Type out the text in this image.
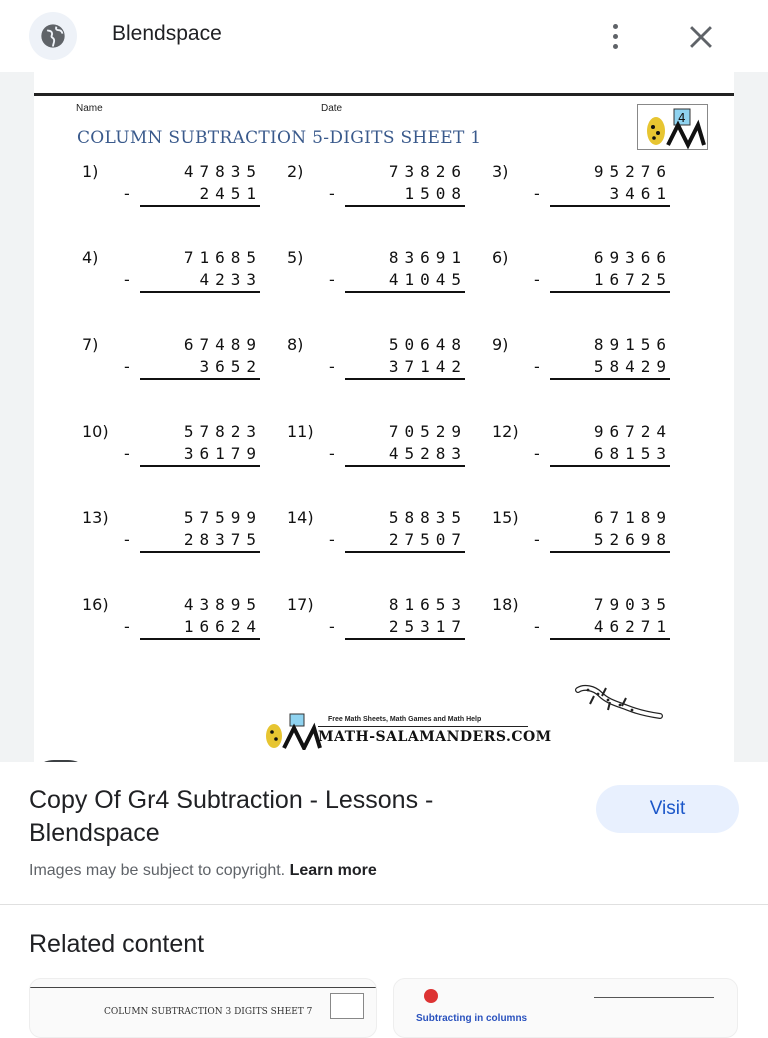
Blendspace
Name	Date
COLUMN SUBTRACTION 5-DIGITS SHEET 1
4
1)	47835
-	2451
2)	73826
-	1508
3)	95276
-	3461
4)	71685
-	4233
5)	83691
-	41045
6)	69366
-	16725
7)	67489
-	3652
8)	50648
-	37142
9)	89156
-	58429
10)	57823
-	36179
11)	70529
-	45283
12)	96724
-	68153
13)	57599
-	28375
14)	58835
-	27507
15)	67189
-	52698
16)	43895
-	16624
17)	81653
-	25317
18)	79035
-	46271
Free Math Sheets, Math Games and Math Help
MATH-SALAMANDERS.COM
Copy Of Gr4 Subtraction - Lessons - Blendspace
Visit
Images may be subject to copyright. Learn more
Related content
COLUMN SUBTRACTION 3 DIGITS SHEET 7
Subtracting in columns
